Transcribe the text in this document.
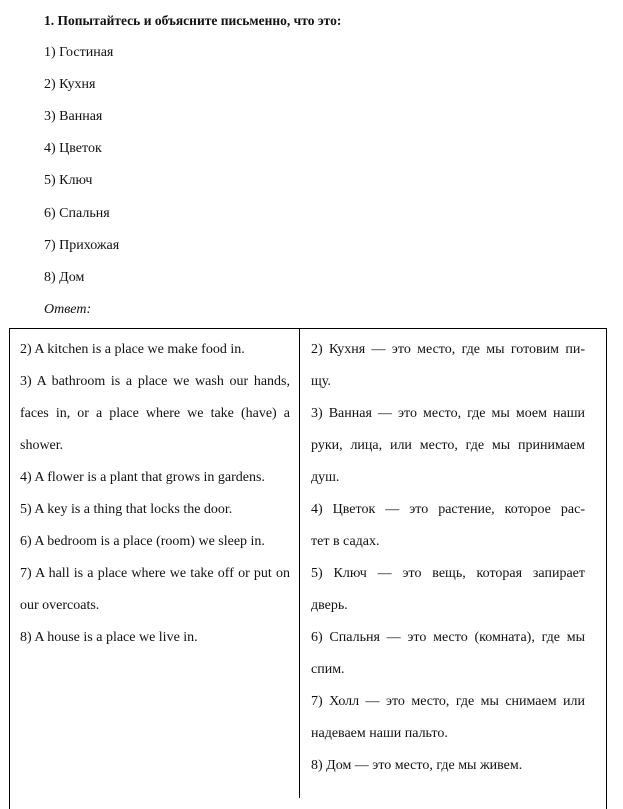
1. Попытайтесь и объясните письменно, что это:
1) Гостиная
2) Кухня
3) Ванная
4) Цветок
5) Ключ
6) Спальня
7) Прихожая
8) Дом
Ответ:
2) A kitchen is a place we make food in.
3) A bathroom is a place we wash our hands,
faces in, or a place where we take (have) a
shower.
4) A flower is a plant that grows in gardens.
5) A key is a thing that locks the door.
6) A bedroom is a place (room) we sleep in.
7) A hall is a place where we take off or put on
our overcoats.
8) A house is a place we live in.
2) Кухня — это место, где мы готовим пи-
щу.
3) Ванная — это место, где мы моем наши
руки, лица, или место, где мы принимаем
душ.
4) Цветок — это растение, которое рас-
тет в садах.
5) Ключ — это вещь, которая запирает
дверь.
6) Спальня — это место (комната), где мы
спим.
7) Холл — это место, где мы снимаем или
надеваем наши пальто.
8) Дом — это место, где мы живем.
